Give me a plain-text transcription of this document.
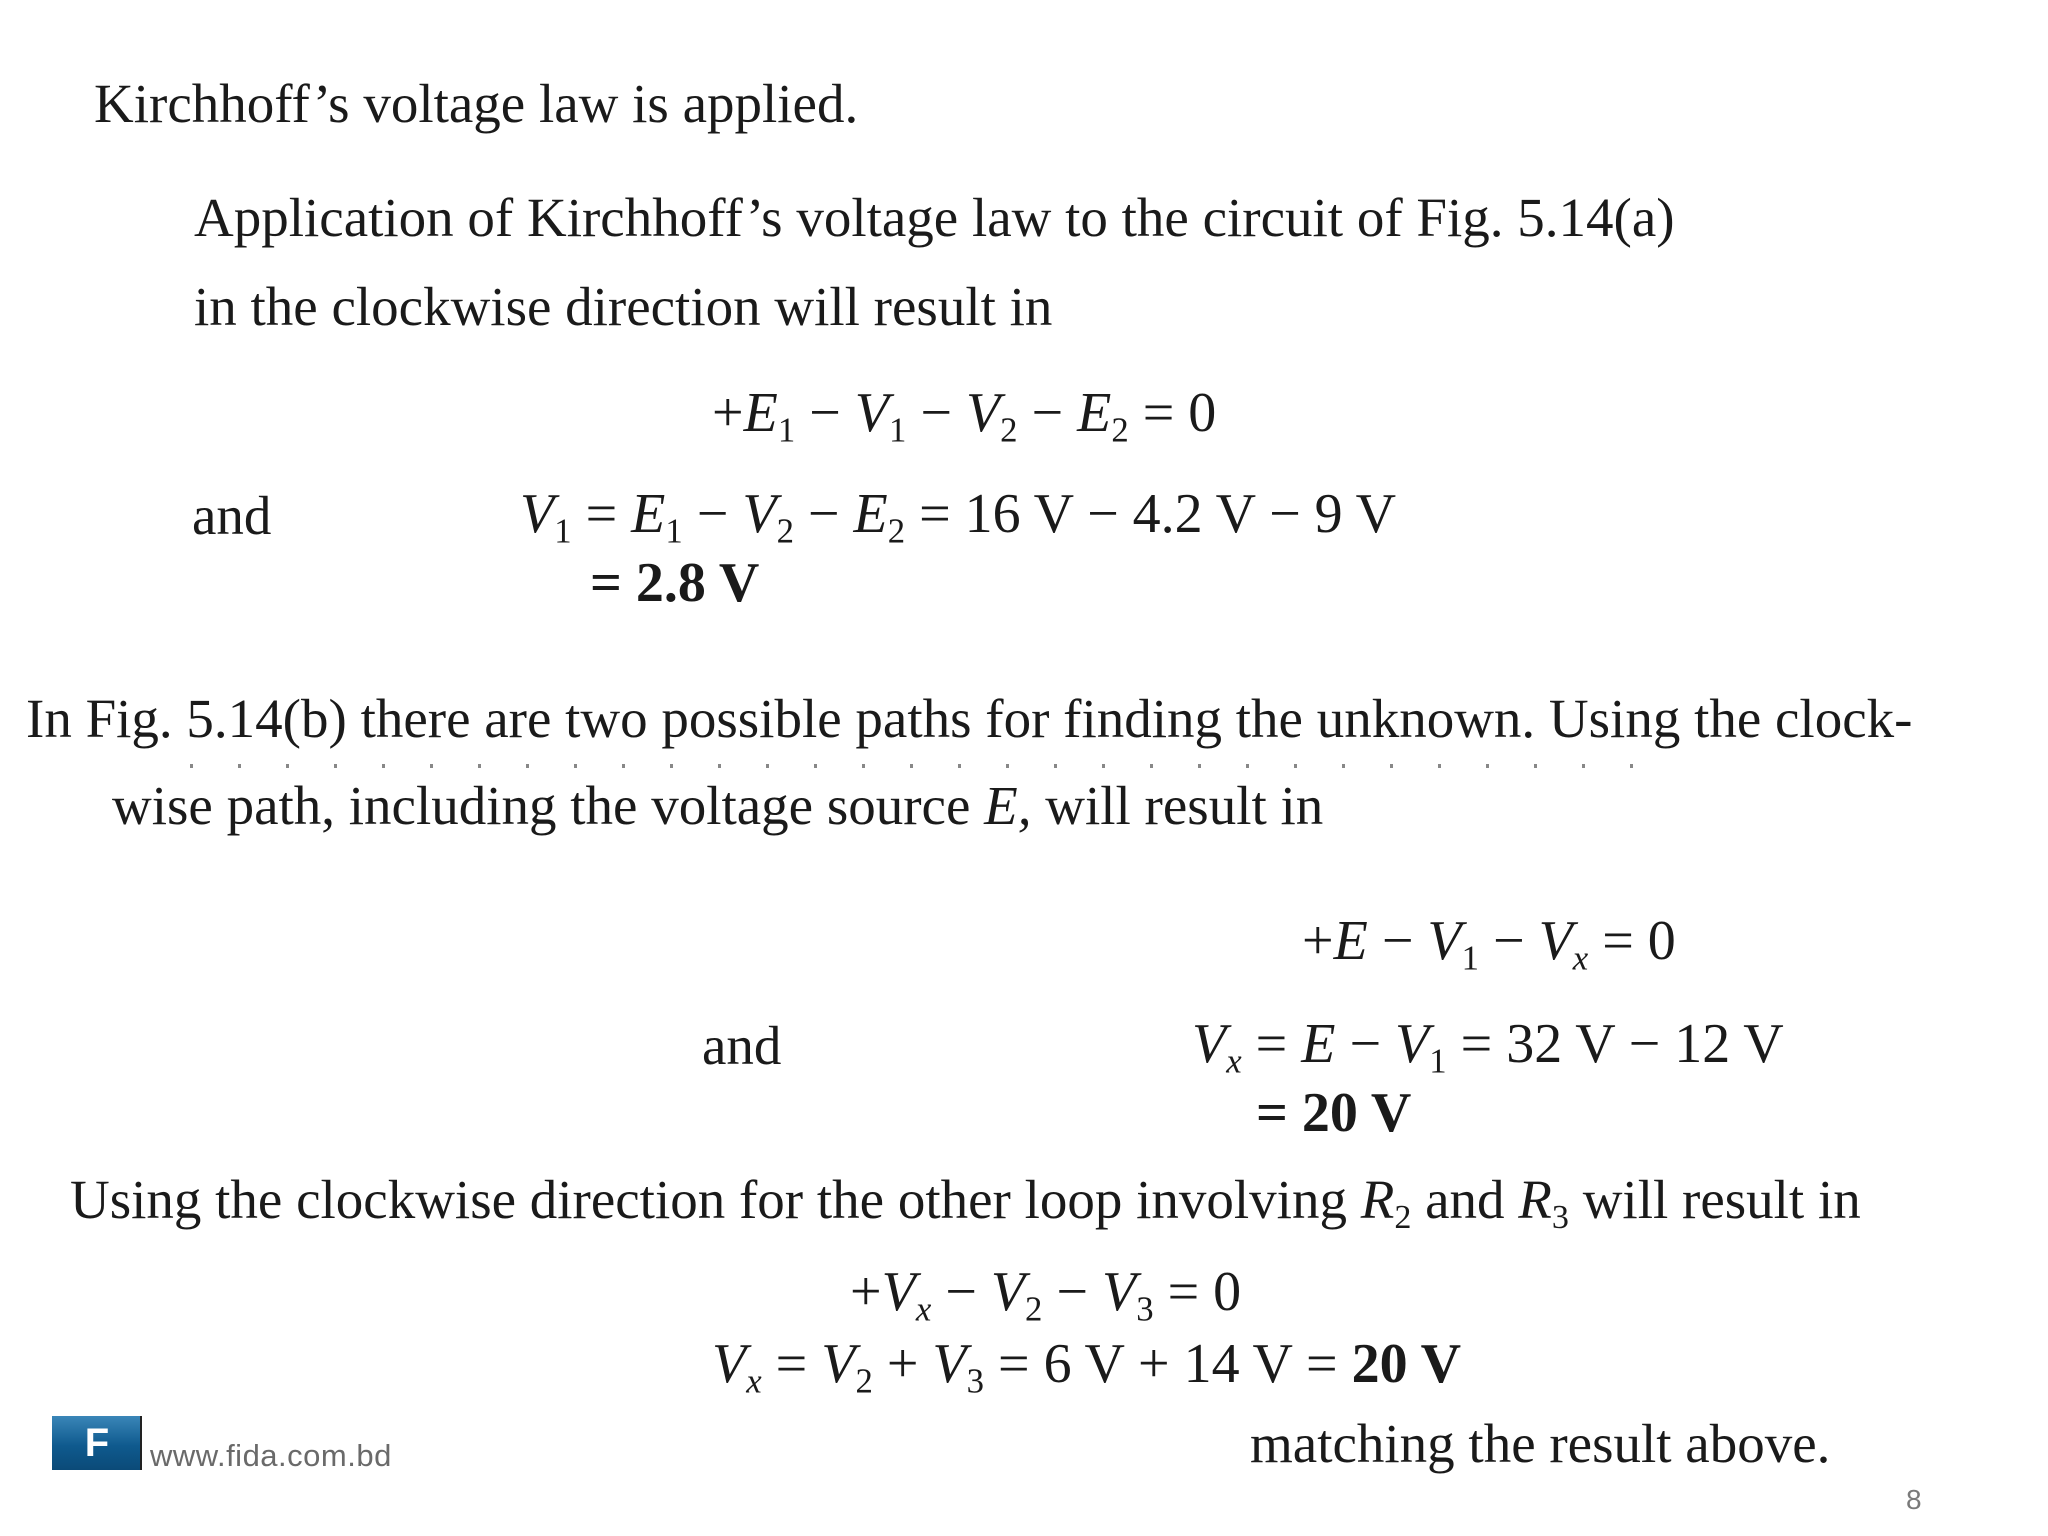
Kirchhoff’s voltage law is applied.
Application of Kirchhoff’s voltage law to the circuit of Fig. 5.14(a)
in the clockwise direction will result in
$+E_1 - V_1 - V_2 - E_2 = 0$
and	$V_1 = E_1 - V_2 - E_2 = 16$ V − 4.2 V − 9 V
= 2.8 V
In Fig. 5.14(b) there are two possible paths for finding the unknown. Using the clock-
wise path, including the voltage source E, will result in
$+E - V_1 - V_x = 0$
and	$V_x = E - V_1 = 32$ V − 12 V
= 20 V
Using the clockwise direction for the other loop involving $R_2$ and $R_3$ will result in
$+V_x - V_2 - V_3 = 0$
$V_x = V_2 + V_3 = 6$ V + 14 V = 20 V
matching the result above.
F www.fida.com.bd
8
